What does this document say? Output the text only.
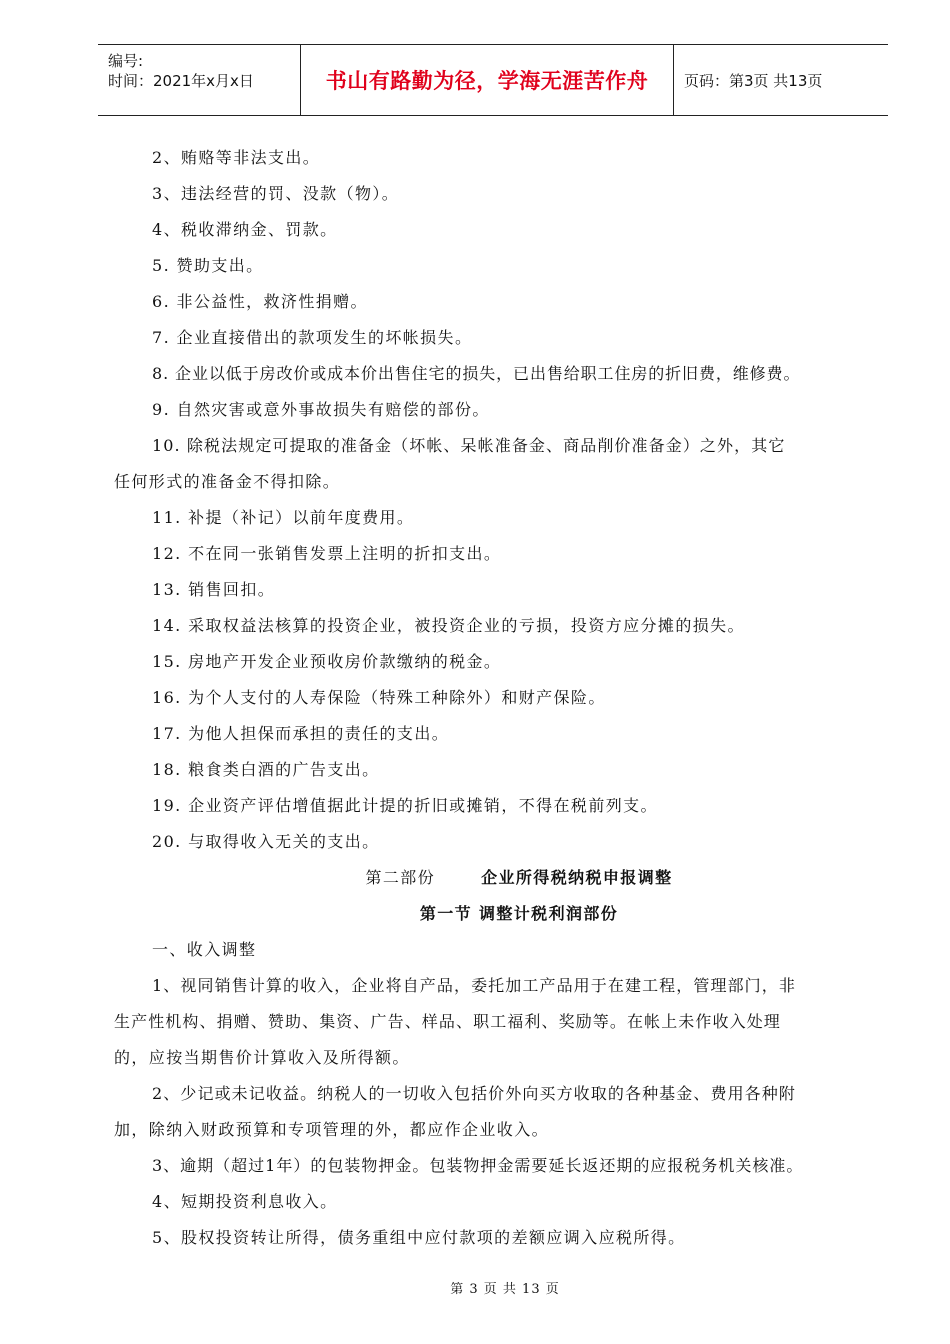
编号:
时间：2021年x月x日	书山有路勤为径，学海无涯苦作舟	页码：第3页 共13页
2、贿赂等非法支出。
3、违法经营的罚、没款（物）。
4、税收滞纳金、罚款。
5. 赞助支出。
6. 非公益性，救济性捐赠。
7. 企业直接借出的款项发生的坏帐损失。
8. 企业以低于房改价或成本价出售住宅的损失，已出售给职工住房的折旧费，维修费。
9. 自然灾害或意外事故损失有赔偿的部份。
10. 除税法规定可提取的准备金（坏帐、呆帐准备金、商品削价准备金）之外，其它
任何形式的准备金不得扣除。
11. 补提（补记）以前年度费用。
12. 不在同一张销售发票上注明的折扣支出。
13. 销售回扣。
14. 采取权益法核算的投资企业，被投资企业的亏损，投资方应分摊的损失。
15. 房地产开发企业预收房价款缴纳的税金。
16. 为个人支付的人寿保险（特殊工种除外）和财产保险。
17. 为他人担保而承担的责任的支出。
18. 粮食类白酒的广告支出。
19. 企业资产评估增值据此计提的折旧或摊销，不得在税前列支。
20. 与取得收入无关的支出。
第二部份	企业所得税纳税申报调整
第一节 调整计税利润部份
一、收入调整
1、视同销售计算的收入，企业将自产品，委托加工产品用于在建工程，管理部门，非
生产性机构、捐赠、赞助、集资、广告、样品、职工福利、奖励等。在帐上未作收入处理
的，应按当期售价计算收入及所得额。
2、少记或未记收益。纳税人的一切收入包括价外向买方收取的各种基金、费用各种附
加，除纳入财政预算和专项管理的外，都应作企业收入。
3、逾期（超过1年）的包装物押金。包装物押金需要延长返还期的应报税务机关核准。
4、短期投资利息收入。
5、股权投资转让所得，债务重组中应付款项的差额应调入应税所得。
第 3 页 共 13 页
